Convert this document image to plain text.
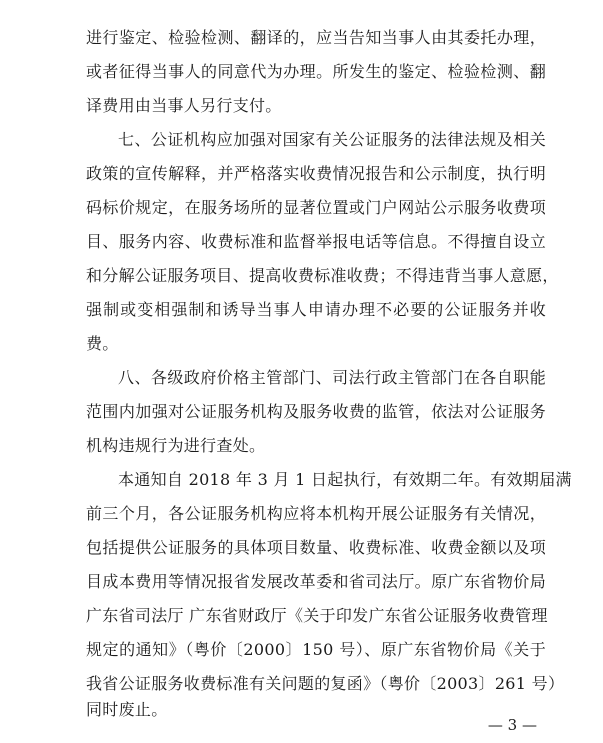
进行鉴定、检验检测、翻译的，应当告知当事人由其委托办理，
或者征得当事人的同意代为办理。所发生的鉴定、检验检测、翻
译费用由当事人另行支付。
七、公证机构应加强对国家有关公证服务的法律法规及相关
政策的宣传解释，并严格落实收费情况报告和公示制度，执行明
码标价规定，在服务场所的显著位置或门户网站公示服务收费项
目、服务内容、收费标准和监督举报电话等信息。不得擅自设立
和分解公证服务项目、提高收费标准收费；不得违背当事人意愿，
强制或变相强制和诱导当事人申请办理不必要的公证服务并收
费。
八、各级政府价格主管部门、司法行政主管部门在各自职能
范围内加强对公证服务机构及服务收费的监管，依法对公证服务
机构违规行为进行查处。
本通知自 2018 年 3 月 1 日起执行，有效期二年。有效期届满
前三个月，各公证服务机构应将本机构开展公证服务有关情况，
包括提供公证服务的具体项目数量、收费标准、收费金额以及项
目成本费用等情况报省发展改革委和省司法厅。原广东省物价局
广东省司法厅 广东省财政厅《关于印发广东省公证服务收费管理
规定的通知》（粤价〔2000〕150 号）、原广东省物价局《关于
我省公证服务收费标准有关问题的复函》（粤价〔2003〕261 号）
同时废止。
— 3 —
